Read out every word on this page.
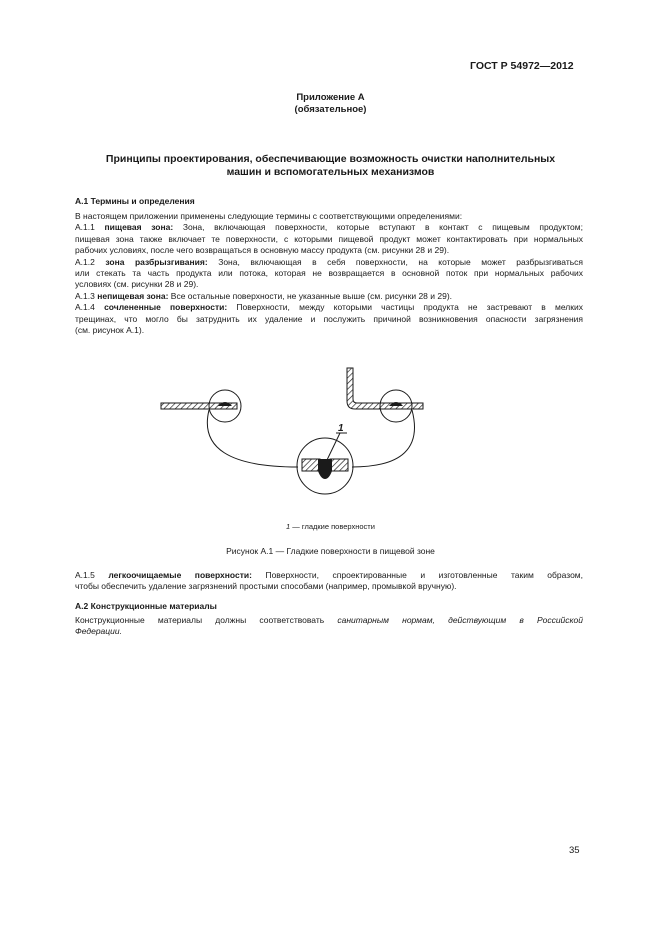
ГОСТ Р 54972—2012
Приложение А
(обязательное)
Принципы проектирования, обеспечивающие возможность очистки наполнительных
машин и вспомогательных механизмов
А.1 Термины и определения
В настоящем приложении применены следующие термины с соответствующими определениями:
А.1.1 пищевая зона: Зона, включающая поверхности, которые вступают в контакт с пищевым продуктом;
пищевая зона также включает те поверхности, с которыми пищевой продукт может контактировать при нормальных
рабочих условиях, после чего возвращаться в основную массу продукта (см. рисунки 28 и 29).
А.1.2 зона разбрызгивания: Зона, включающая в себя поверхности, на которые может разбрызгиваться
или стекать та часть продукта или потока, которая не возвращается в основной поток при нормальных рабочих
условиях (см. рисунки 28 и 29).
А.1.3 непищевая зона: Все остальные поверхности, не указанные выше (см. рисунки 28 и 29).
А.1.4 сочлененные поверхности: Поверхности, между которыми частицы продукта не застревают в мелких
трещинах, что могло бы затруднить их удаление и послужить причиной возникновения опасности загрязнения
(см. рисунок А.1).
1
1 — гладкие поверхности
Рисунок А.1 — Гладкие поверхности в пищевой зоне
А.1.5 легкоочищаемые поверхности: Поверхности, спроектированные и изготовленные таким образом,
чтобы обеспечить удаление загрязнений простыми способами (например, промывкой вручную).
А.2 Конструкционные материалы
Конструкционные материалы должны соответствовать санитарным нормам, действующим в Российской
Федерации.
35
